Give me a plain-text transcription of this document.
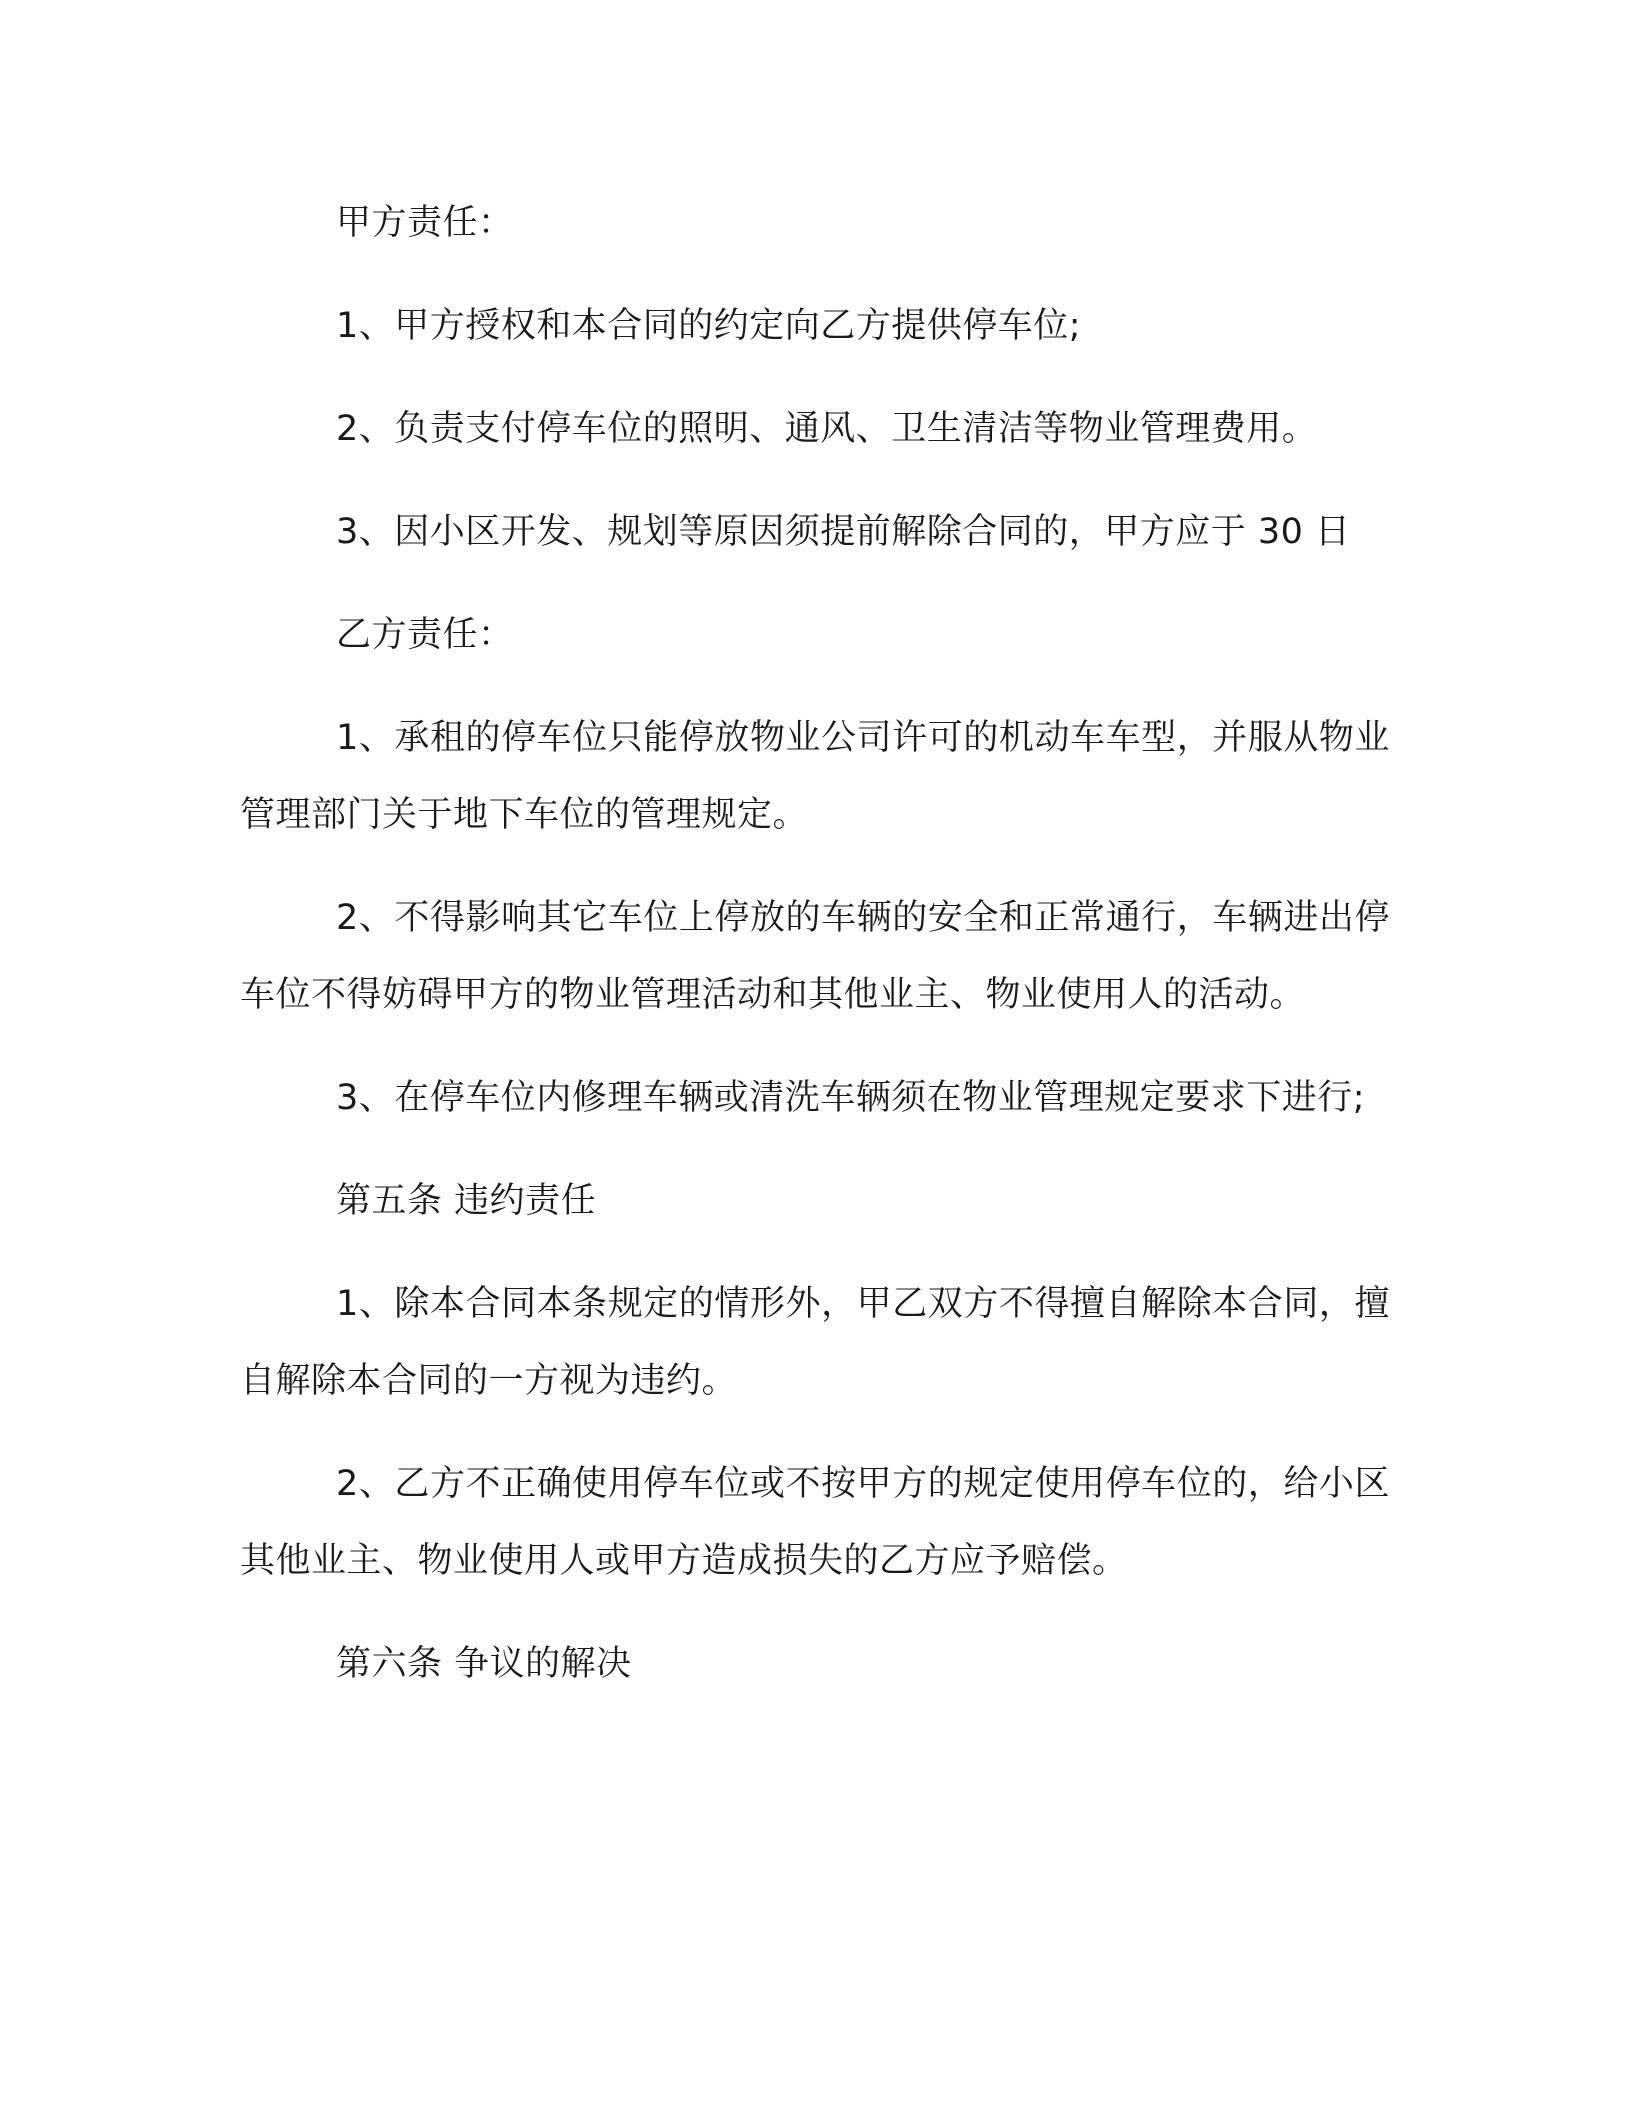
甲方责任：

1、甲方授权和本合同的约定向乙方提供停车位;

2、负责支付停车位的照明、通风、卫生清洁等物业管理费用。

3、因小区开发、规划等原因须提前解除合同的，甲方应于 30 日

乙方责任：

1、承租的停车位只能停放物业公司许可的机动车车型，并服从物业管理部门关于地下车位的管理规定。

2、不得影响其它车位上停放的车辆的安全和正常通行，车辆进出停车位不得妨碍甲方的物业管理活动和其他业主、物业使用人的活动。

3、在停车位内修理车辆或清洗车辆须在物业管理规定要求下进行;

第五条 违约责任

1、除本合同本条规定的情形外，甲乙双方不得擅自解除本合同，擅自解除本合同的一方视为违约。

2、乙方不正确使用停车位或不按甲方的规定使用停车位的，给小区其他业主、物业使用人或甲方造成损失的乙方应予赔偿。

第六条 争议的解决
